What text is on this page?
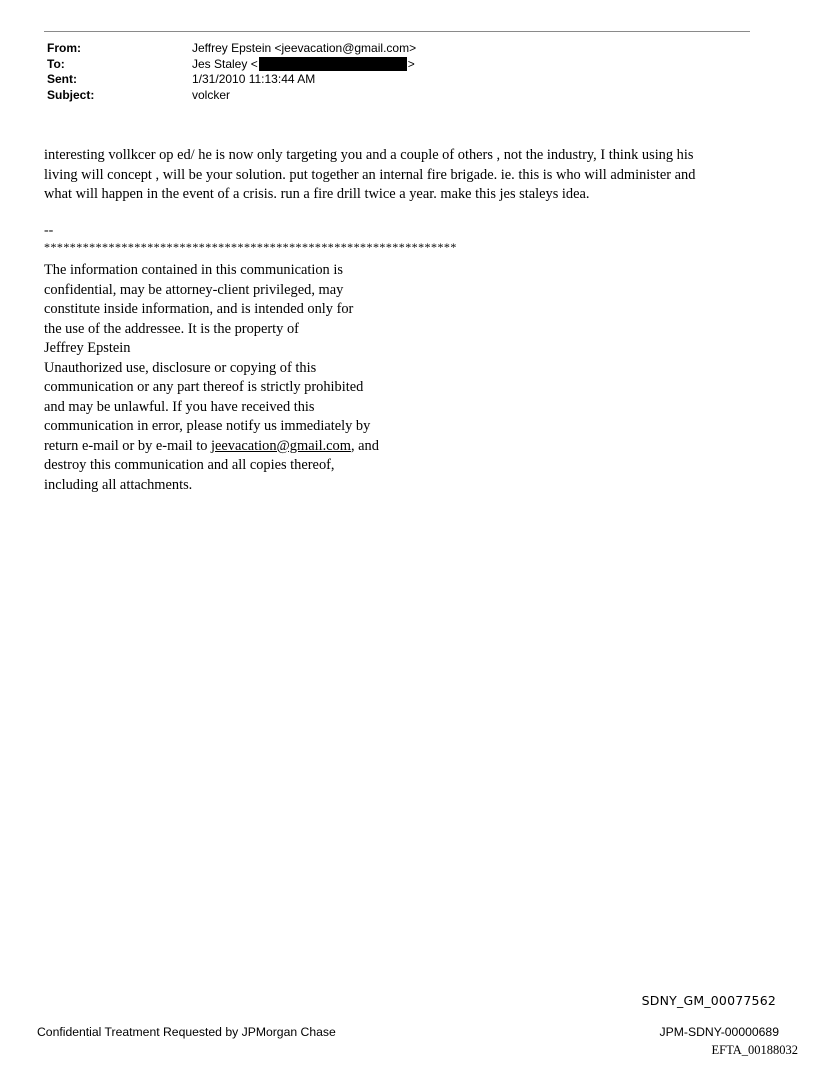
From:	Jeffrey Epstein <jeevacation@gmail.com>
To:	Jes Staley <	>
Sent:	1/31/2010 11:13:44 AM
Subject:	volcker

interesting vollkcer op ed/ he is now only targeting you and a couple of others , not the industry, I think using his

living will concept , will be your solution. put together an internal fire brigade. ie. this is who will administer and

what will happen in the event of a crisis. run a fire drill twice a year. make this jes staleys idea.

--
****************************************************************
The information contained in this communication is
confidential, may be attorney-client privileged, may
constitute inside information, and is intended only for
the use of the addressee. It is the property of
Jeffrey Epstein
Unauthorized use, disclosure or copying of this
communication or any part thereof is strictly prohibited
and may be unlawful. If you have received this
communication in error, please notify us immediately by
return e-mail or by e-mail to jeevacation@gmail.com, and
destroy this communication and all copies thereof,
including all attachments.
SDNY_GM_00077562
Confidential Treatment Requested by JPMorgan Chase	JPM-SDNY-00000689
EFTA_00188032
